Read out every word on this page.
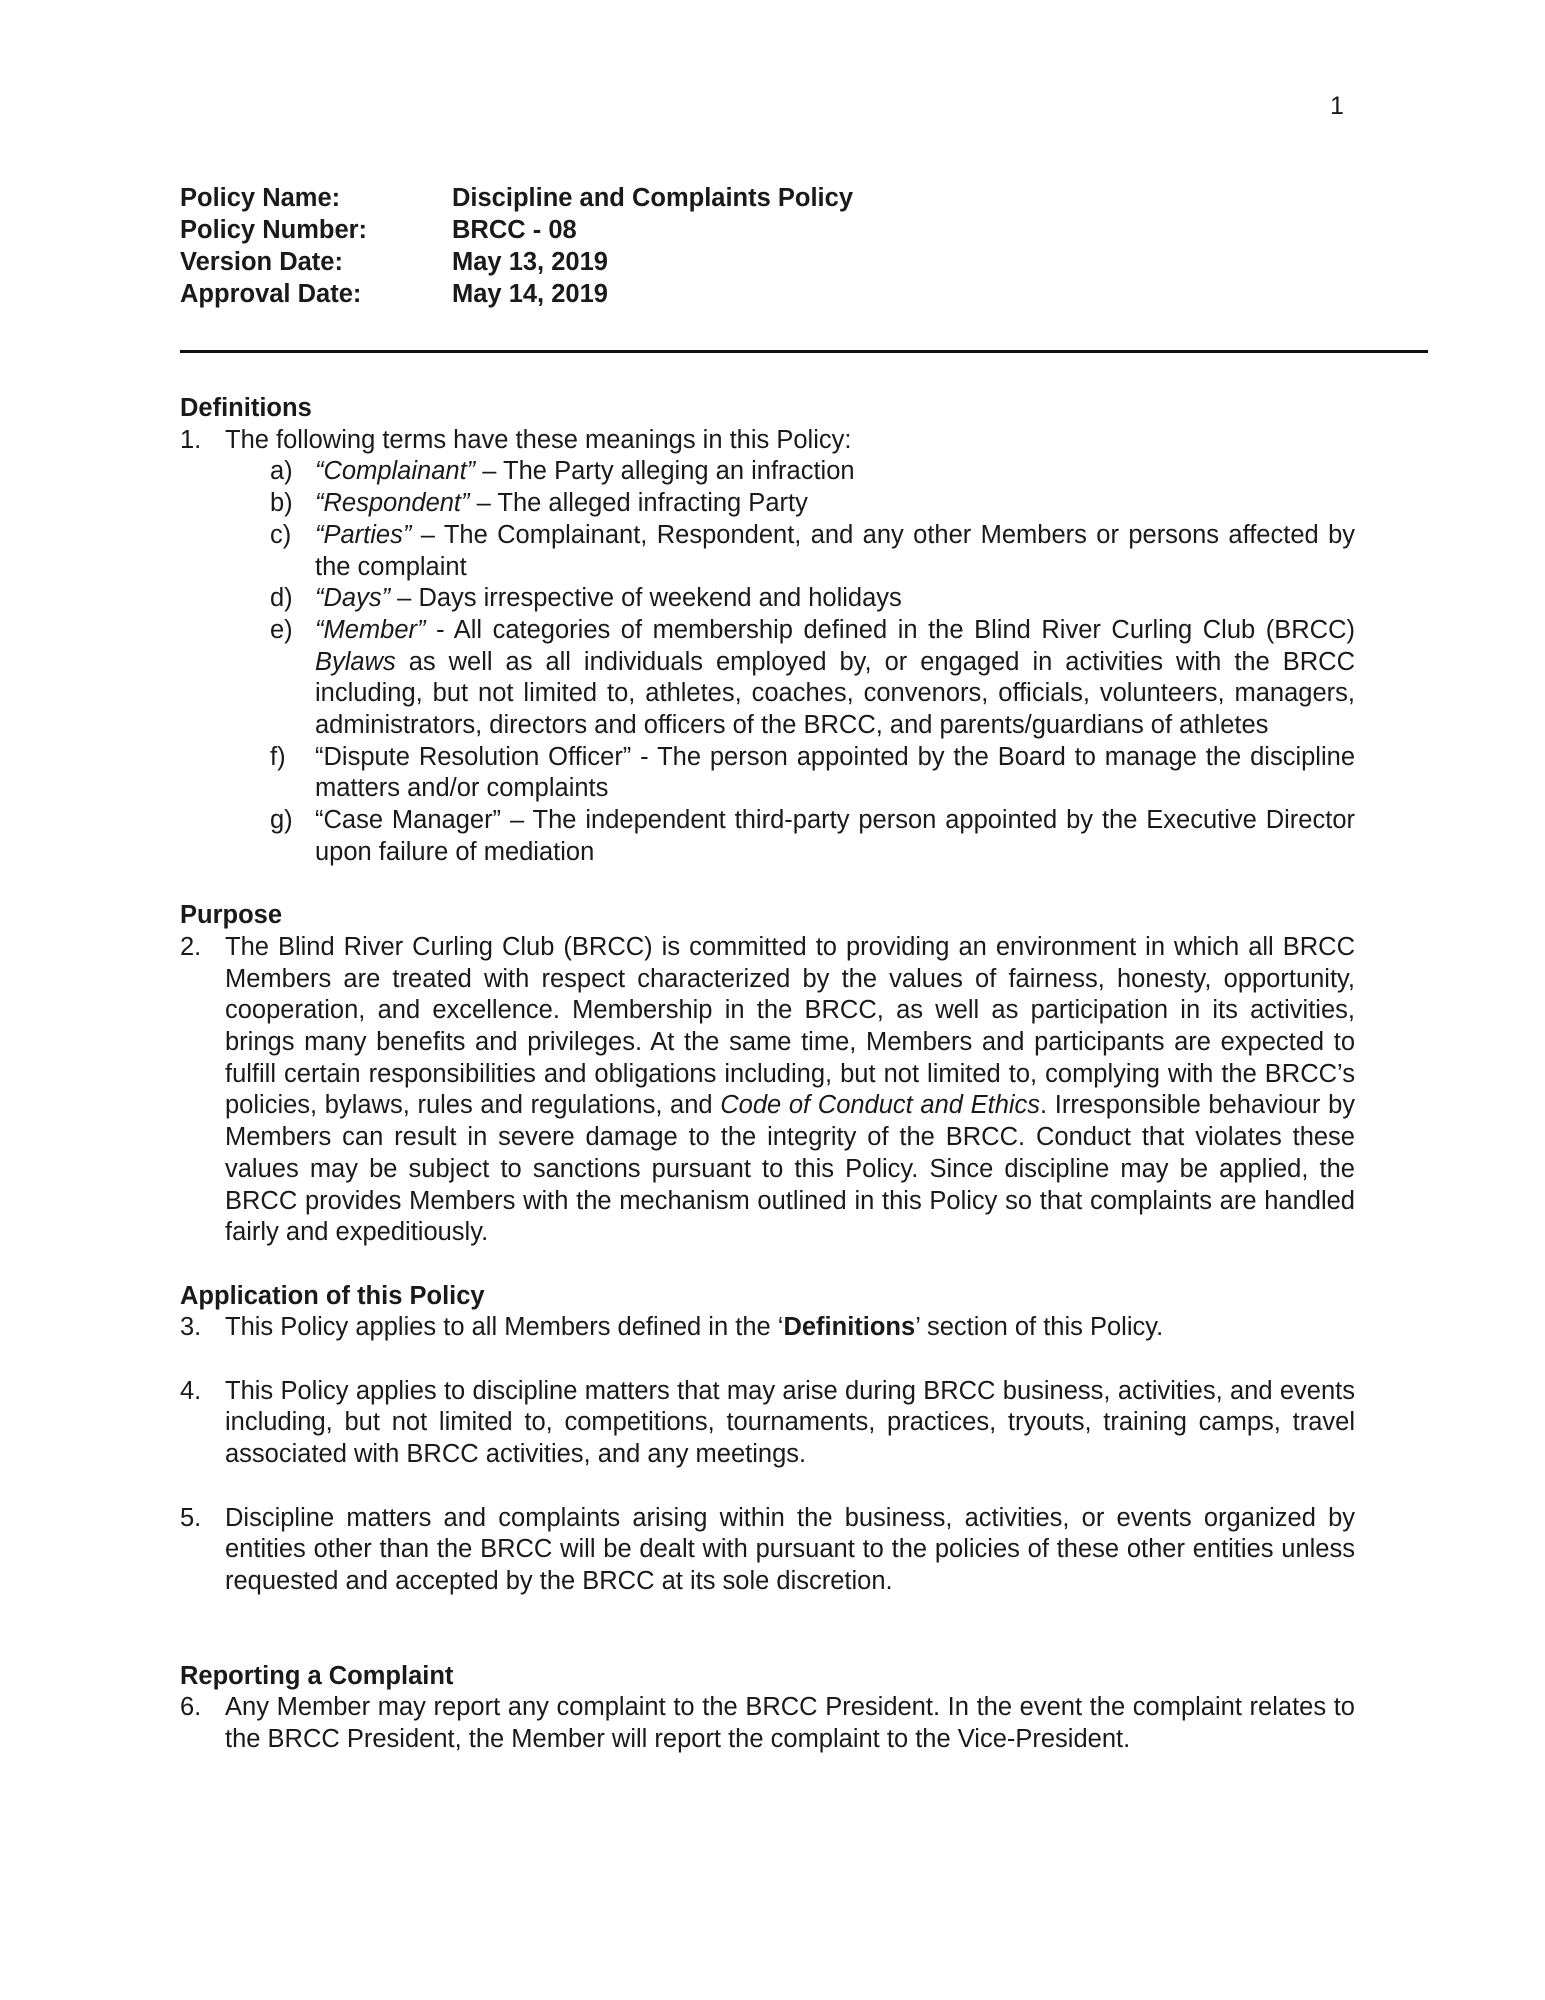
1
Policy Name:	Discipline and Complaints Policy
Policy Number:	BRCC - 08
Version Date:	May 13, 2019
Approval Date:	May 14, 2019
Definitions
1. The following terms have these meanings in this Policy:
a) “Complainant” – The Party alleging an infraction
b) “Respondent” – The alleged infracting Party
c) “Parties” – The Complainant, Respondent, and any other Members or persons affected by the complaint
d) “Days” – Days irrespective of weekend and holidays
e) “Member” - All categories of membership defined in the Blind River Curling Club (BRCC) Bylaws as well as all individuals employed by, or engaged in activities with the BRCC including, but not limited to, athletes, coaches, convenors, officials, volunteers, managers, administrators, directors and officers of the BRCC, and parents/guardians of athletes
f)	“Dispute Resolution Officer” - The person appointed by the Board to manage the discipline matters and/or complaints
g) “Case Manager” – The independent third-party person appointed by the Executive Director upon failure of mediation
Purpose
2. The Blind River Curling Club (BRCC) is committed to providing an environment in which all BRCC Members are treated with respect characterized by the values of fairness, honesty, opportunity, cooperation, and excellence. Membership in the BRCC, as well as participation in its activities, brings many benefits and privileges. At the same time, Members and participants are expected to fulfill certain responsibilities and obligations including, but not limited to, complying with the BRCC’s policies, bylaws, rules and regulations, and Code of Conduct and Ethics. Irresponsible behaviour by Members can result in severe damage to the integrity of the BRCC. Conduct that violates these values may be subject to sanctions pursuant to this Policy. Since discipline may be applied, the BRCC provides Members with the mechanism outlined in this Policy so that complaints are handled fairly and expeditiously.
Application of this Policy
3. This Policy applies to all Members defined in the ‘Definitions’ section of this Policy.
4. This Policy applies to discipline matters that may arise during BRCC business, activities, and events including, but not limited to, competitions, tournaments, practices, tryouts, training camps, travel associated with BRCC activities, and any meetings.
5. Discipline matters and complaints arising within the business, activities, or events organized by entities other than the BRCC will be dealt with pursuant to the policies of these other entities unless requested and accepted by the BRCC at its sole discretion.
Reporting a Complaint
6. Any Member may report any complaint to the BRCC President. In the event the complaint relates to the BRCC President, the Member will report the complaint to the Vice-President.
